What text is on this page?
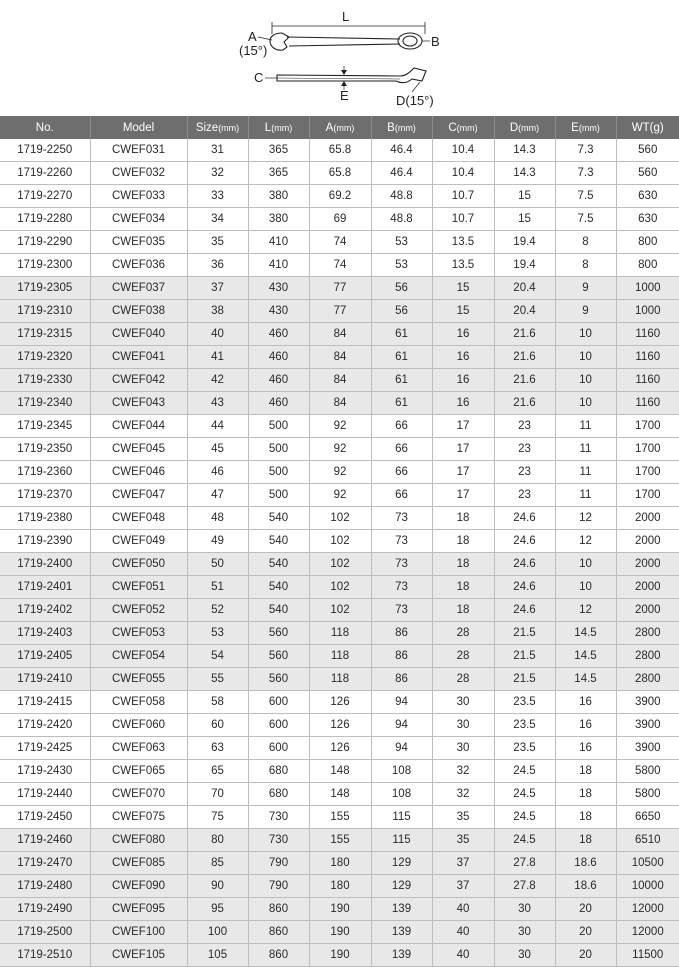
L
A
(15°)
B
C
E	D(15°)
No.	Model	Size(mm)	L(mm)	A(mm)	B(mm)	C(mm)	D(mm)	E(mm)	WT(g)
1719-2250	CWEF031	31	365	65.8	46.4	10.4	14.3	7.3	560
1719-2260	CWEF032	32	365	65.8	46.4	10.4	14.3	7.3	560
1719-2270	CWEF033	33	380	69.2	48.8	10.7	15	7.5	630
1719-2280	CWEF034	34	380	69	48.8	10.7	15	7.5	630
1719-2290	CWEF035	35	410	74	53	13.5	19.4	8	800
1719-2300	CWEF036	36	410	74	53	13.5	19.4	8	800
1719-2305	CWEF037	37	430	77	56	15	20.4	9	1000
1719-2310	CWEF038	38	430	77	56	15	20.4	9	1000
1719-2315	CWEF040	40	460	84	61	16	21.6	10	1160
1719-2320	CWEF041	41	460	84	61	16	21.6	10	1160
1719-2330	CWEF042	42	460	84	61	16	21.6	10	1160
1719-2340	CWEF043	43	460	84	61	16	21.6	10	1160
1719-2345	CWEF044	44	500	92	66	17	23	11	1700
1719-2350	CWEF045	45	500	92	66	17	23	11	1700
1719-2360	CWEF046	46	500	92	66	17	23	11	1700
1719-2370	CWEF047	47	500	92	66	17	23	11	1700
1719-2380	CWEF048	48	540	102	73	18	24.6	12	2000
1719-2390	CWEF049	49	540	102	73	18	24.6	12	2000
1719-2400	CWEF050	50	540	102	73	18	24.6	10	2000
1719-2401	CWEF051	51	540	102	73	18	24.6	10	2000
1719-2402	CWEF052	52	540	102	73	18	24.6	12	2000
1719-2403	CWEF053	53	560	118	86	28	21.5	14.5	2800
1719-2405	CWEF054	54	560	118	86	28	21.5	14.5	2800
1719-2410	CWEF055	55	560	118	86	28	21.5	14.5	2800
1719-2415	CWEF058	58	600	126	94	30	23.5	16	3900
1719-2420	CWEF060	60	600	126	94	30	23.5	16	3900
1719-2425	CWEF063	63	600	126	94	30	23.5	16	3900
1719-2430	CWEF065	65	680	148	108	32	24.5	18	5800
1719-2440	CWEF070	70	680	148	108	32	24.5	18	5800
1719-2450	CWEF075	75	730	155	115	35	24.5	18	6650
1719-2460	CWEF080	80	730	155	115	35	24.5	18	6510
1719-2470	CWEF085	85	790	180	129	37	27.8	18.6	10500
1719-2480	CWEF090	90	790	180	129	37	27.8	18.6	10000
1719-2490	CWEF095	95	860	190	139	40	30	20	12000
1719-2500	CWEF100	100	860	190	139	40	30	20	12000
1719-2510	CWEF105	105	860	190	139	40	30	20	11500
